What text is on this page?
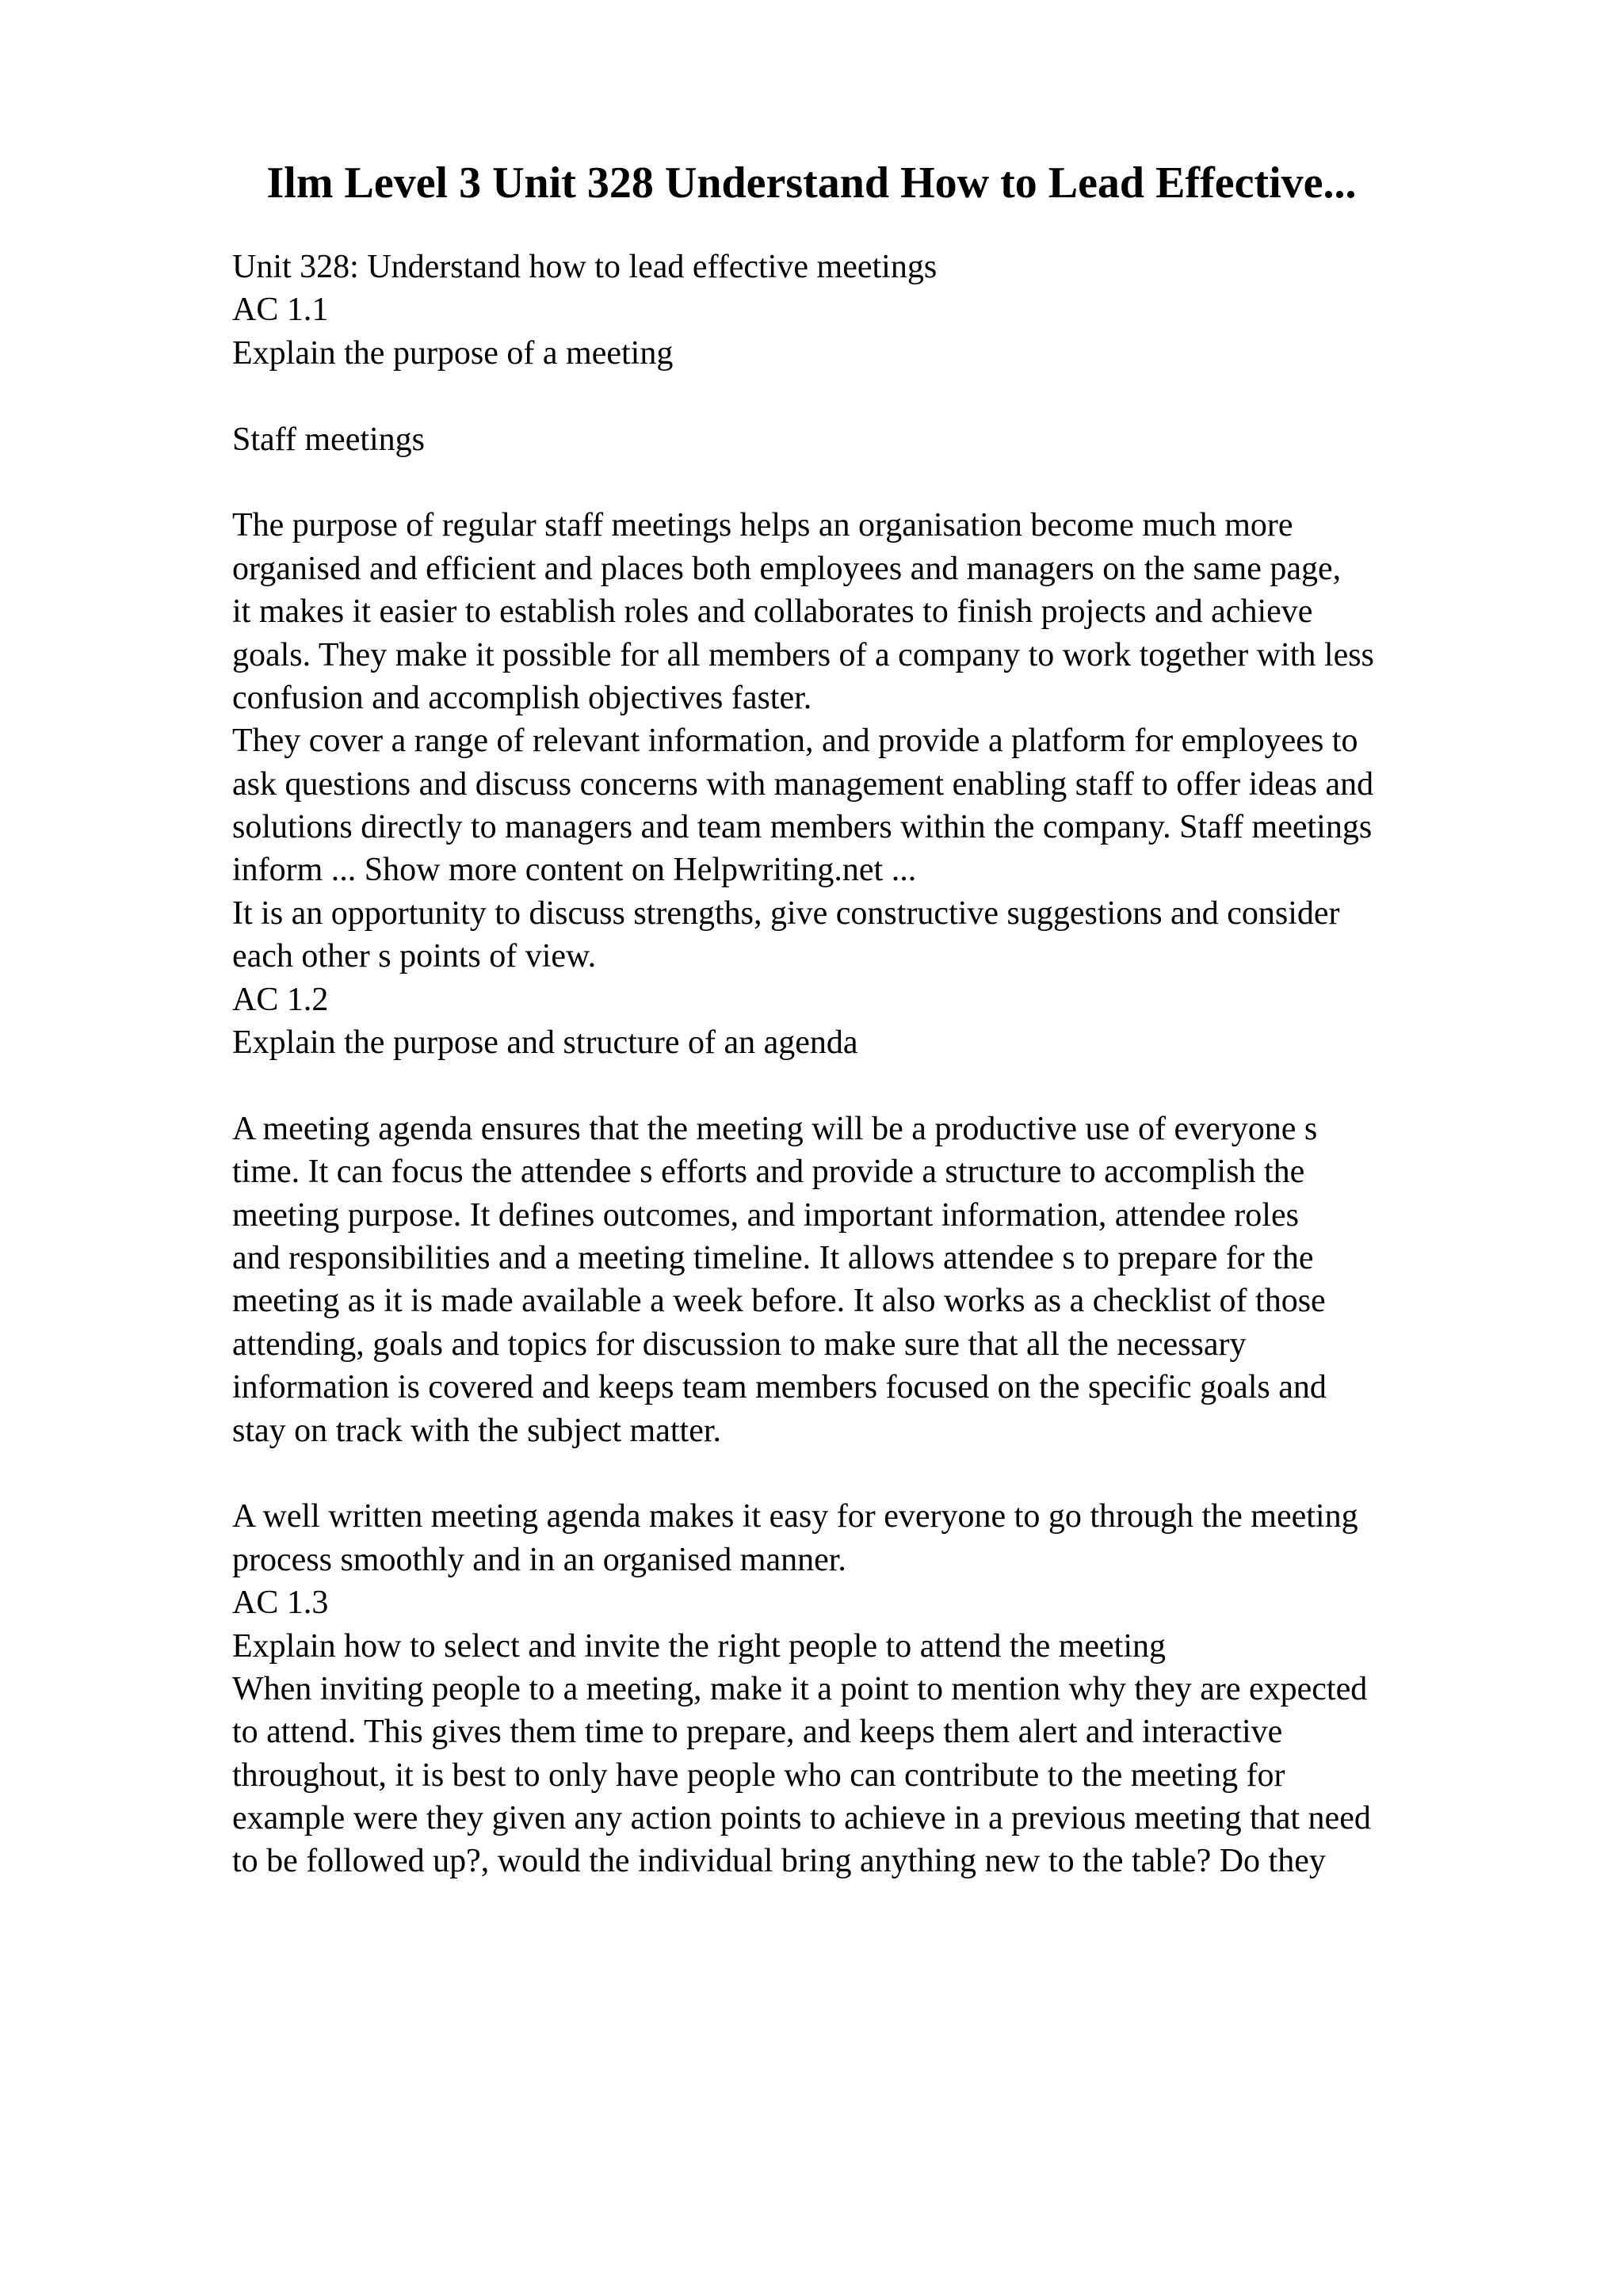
Ilm Level 3 Unit 328 Understand How to Lead Effective...
Unit 328: Understand how to lead effective meetings
AC 1.1
Explain the purpose of a meeting
Staff meetings
The purpose of regular staff meetings helps an organisation become much more
organised and efficient and places both employees and managers on the same page,
it makes it easier to establish roles and collaborates to finish projects and achieve
goals. They make it possible for all members of a company to work together with less
confusion and accomplish objectives faster.
They cover a range of relevant information, and provide a platform for employees to
ask questions and discuss concerns with management enabling staff to offer ideas and
solutions directly to managers and team members within the company. Staff meetings
inform ... Show more content on Helpwriting.net ...
It is an opportunity to discuss strengths, give constructive suggestions and consider
each other s points of view.
AC 1.2
Explain the purpose and structure of an agenda
A meeting agenda ensures that the meeting will be a productive use of everyone s
time. It can focus the attendee s efforts and provide a structure to accomplish the
meeting purpose. It defines outcomes, and important information, attendee roles
and responsibilities and a meeting timeline. It allows attendee s to prepare for the
meeting as it is made available a week before. It also works as a checklist of those
attending, goals and topics for discussion to make sure that all the necessary
information is covered and keeps team members focused on the specific goals and
stay on track with the subject matter.
A well written meeting agenda makes it easy for everyone to go through the meeting
process smoothly and in an organised manner.
AC 1.3
Explain how to select and invite the right people to attend the meeting
When inviting people to a meeting, make it a point to mention why they are expected
to attend. This gives them time to prepare, and keeps them alert and interactive
throughout, it is best to only have people who can contribute to the meeting for
example were they given any action points to achieve in a previous meeting that need
to be followed up?, would the individual bring anything new to the table? Do they
